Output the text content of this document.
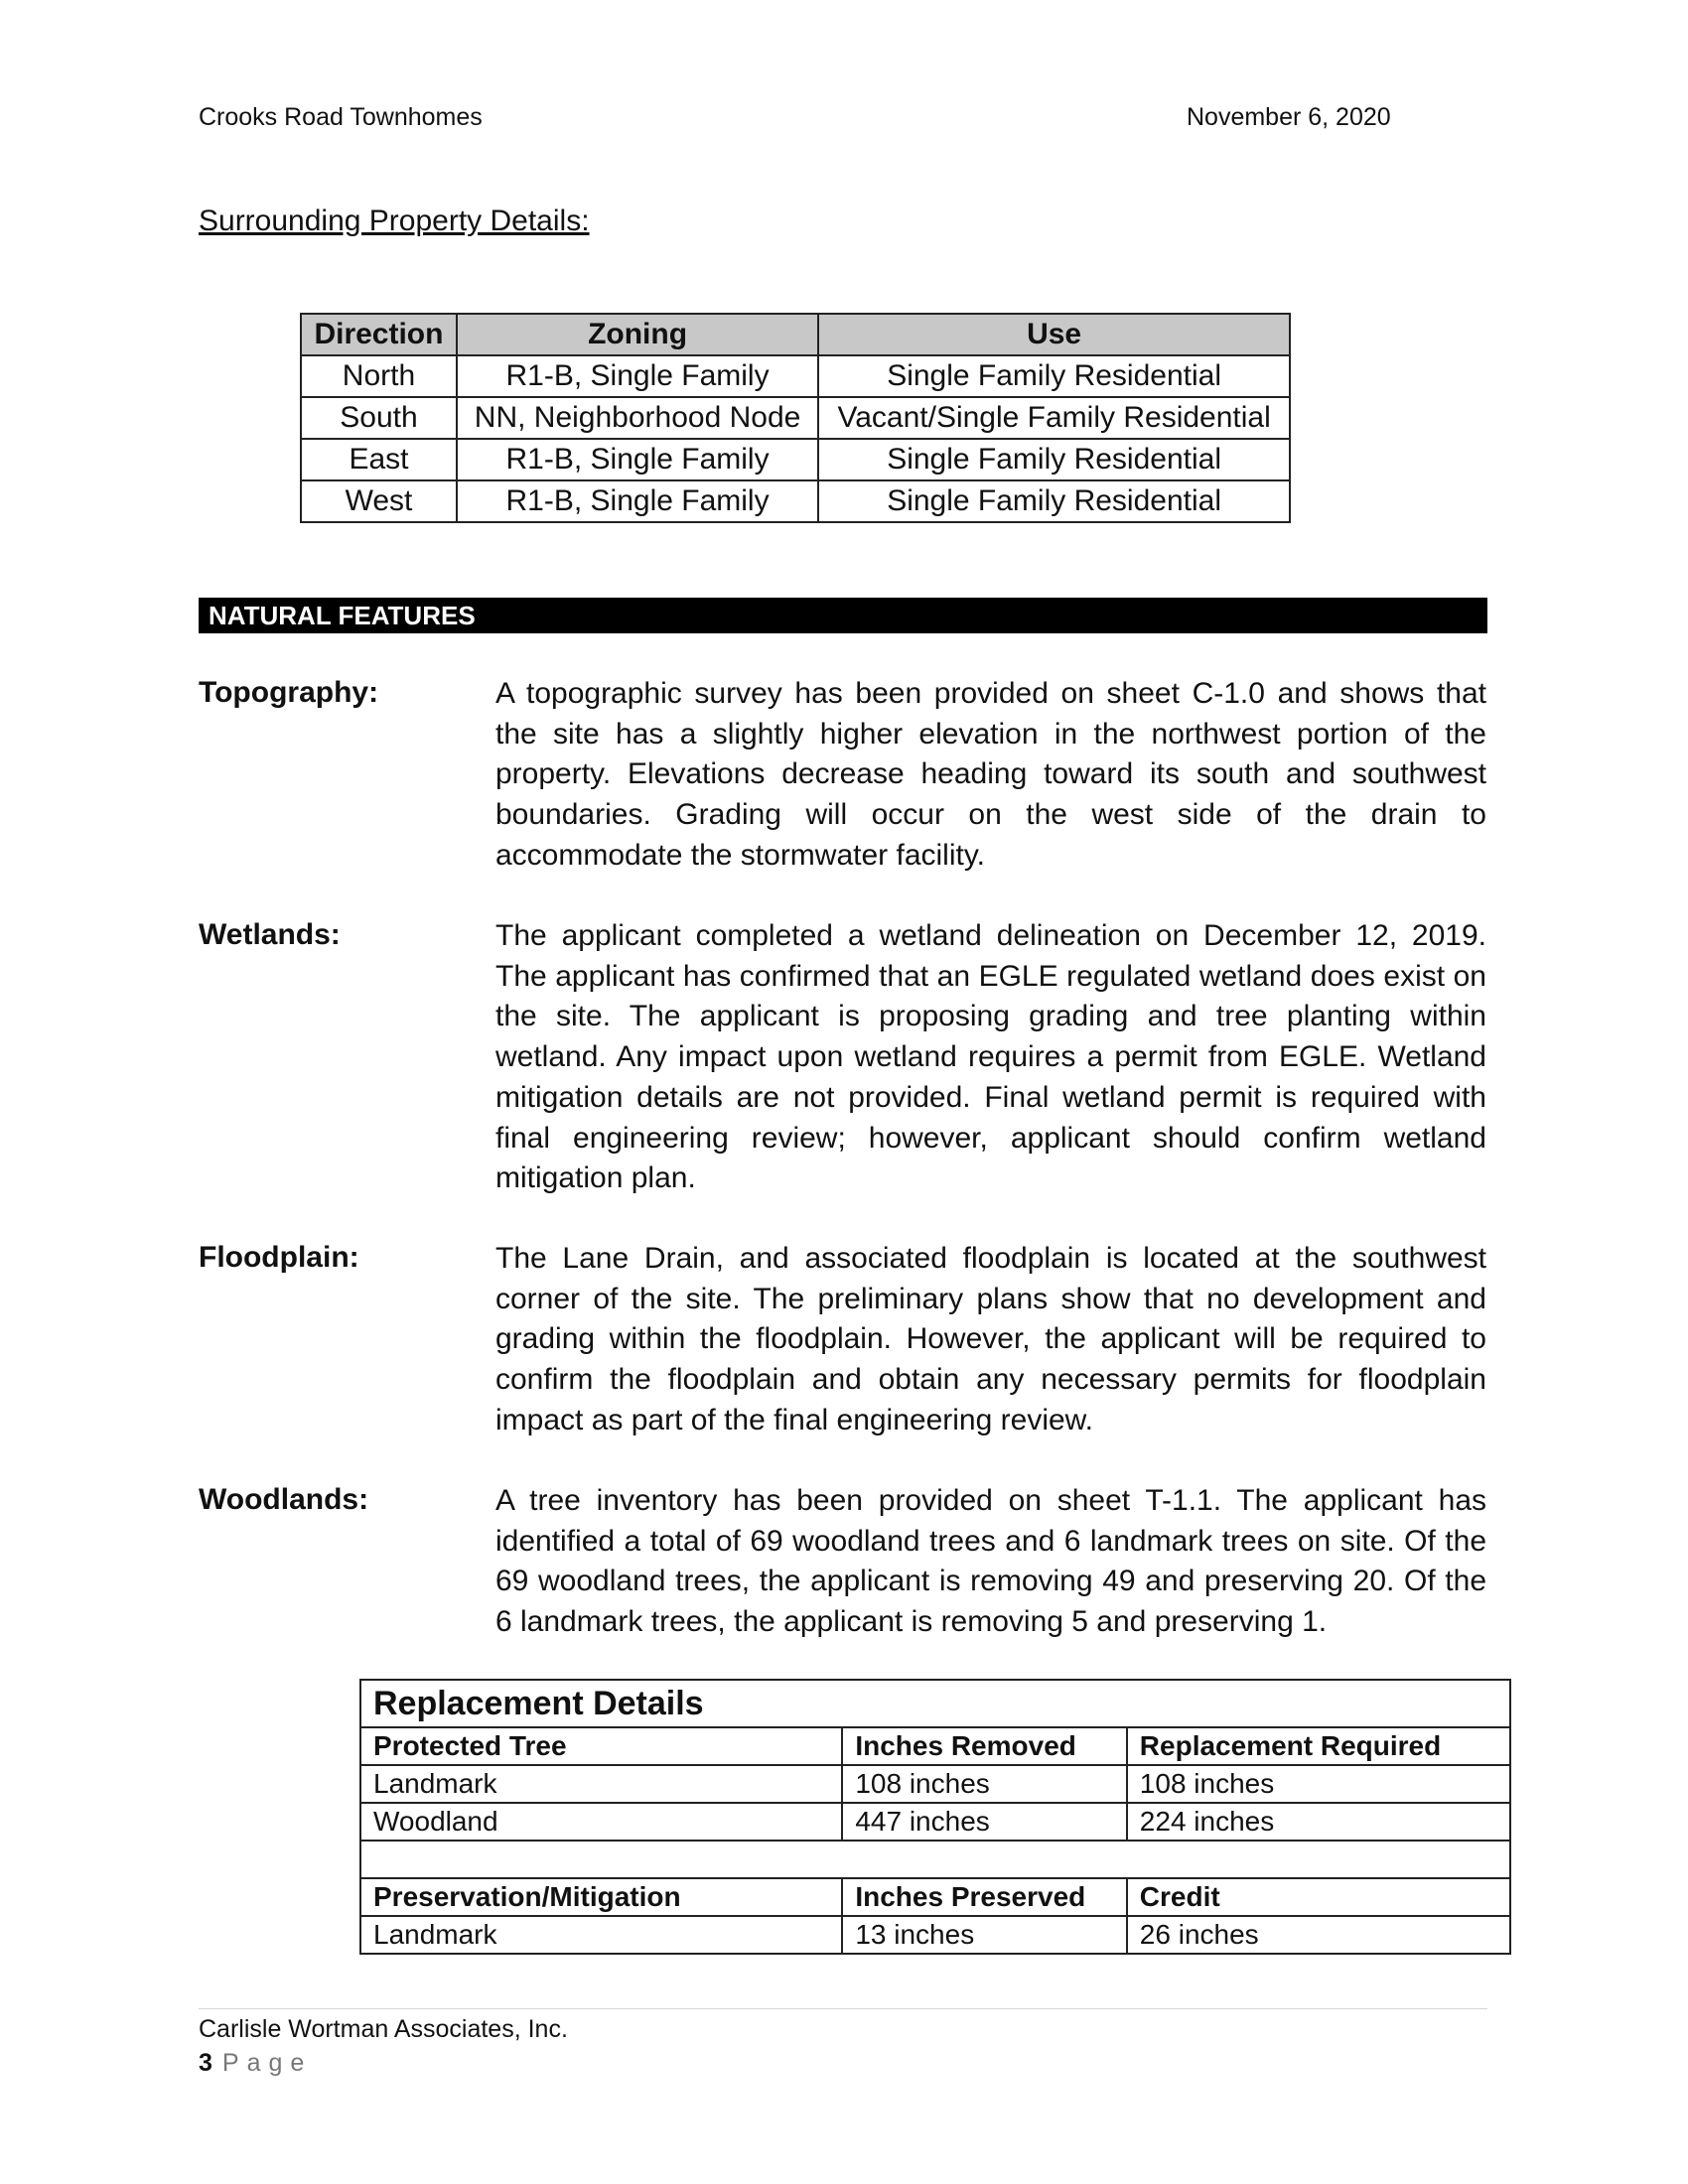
Crooks Road Townhomes	November 6, 2020
Surrounding Property Details:
Direction	Zoning	Use
North	R1-B, Single Family	Single Family Residential
South	NN, Neighborhood Node	Vacant/Single Family Residential
East	R1-B, Single Family	Single Family Residential
West	R1-B, Single Family	Single Family Residential
NATURAL FEATURES
Topography:	A topographic survey has been provided on sheet C-1.0 and shows that the site has a slightly higher elevation in the northwest portion of the property. Elevations decrease heading toward its south and southwest boundaries. Grading will occur on the west side of the drain to accommodate the stormwater facility.
Wetlands:	The applicant completed a wetland delineation on December 12, 2019. The applicant has confirmed that an EGLE regulated wetland does exist on the site. The applicant is proposing grading and tree planting within wetland. Any impact upon wetland requires a permit from EGLE. Wetland mitigation details are not provided. Final wetland permit is required with final engineering review; however, applicant should confirm wetland mitigation plan.
Floodplain:	The Lane Drain, and associated floodplain is located at the southwest corner of the site. The preliminary plans show that no development and grading within the floodplain. However, the applicant will be required to confirm the floodplain and obtain any necessary permits for floodplain impact as part of the final engineering review.
Woodlands:	A tree inventory has been provided on sheet T-1.1. The applicant has identified a total of 69 woodland trees and 6 landmark trees on site. Of the 69 woodland trees, the applicant is removing 49 and preserving 20. Of the 6 landmark trees, the applicant is removing 5 and preserving 1.
Replacement Details		
Protected Tree	Inches Removed	Replacement Required
Landmark	108 inches	108 inches
Woodland	447 inches	224 inches

Preservation/Mitigation	Inches Preserved	Credit
Landmark	13 inches	26 inches
Carlisle Wortman Associates, Inc.
3 Page
